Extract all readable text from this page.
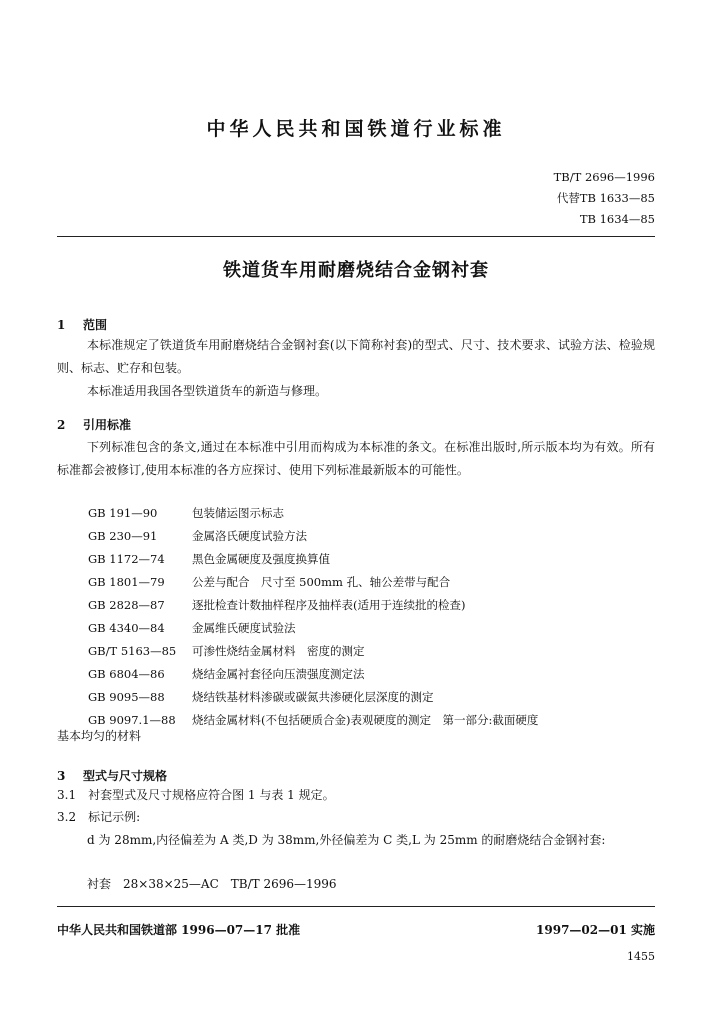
中华人民共和国铁道行业标准
TB/T 2696—1996
代替TB 1633—85
TB 1634—85
铁道货车用耐磨烧结合金钢衬套
1 范围
本标准规定了铁道货车用耐磨烧结合金钢衬套(以下简称衬套)的型式、尺寸、技术要求、试验方法、检验规则、标志、贮存和包装。
本标准适用我国各型铁道货车的新造与修理。
2 引用标准
下列标准包含的条文,通过在本标准中引用而构成为本标准的条文。在标准出版时,所示版本均为有效。所有标准都会被修订,使用本标准的各方应探讨、使用下列标准最新版本的可能性。
GB 191—90	包装储运图示标志
GB 230—91	金属洛氏硬度试验方法
GB 1172—74 黑色金属硬度及强度换算值
GB 1801—79 公差与配合　尺寸至 500mm 孔、轴公差带与配合
GB 2828—87 逐批检查计数抽样程序及抽样表(适用于连续批的检查)
GB 4340—84 金属维氏硬度试验法
GB/T 5163—85 可渗性烧结金属材料　密度的测定
GB 6804—86 烧结金属衬套径向压溃强度测定法
GB 9095—88 烧结铁基材料渗碳或碳氮共渗硬化层深度的测定
GB 9097.1—88 烧结金属材料(不包括硬质合金)表观硬度的测定　第一部分:截面硬度
基本均匀的材料
3 型式与尺寸规格
3.1　衬套型式及尺寸规格应符合图 1 与表 1 规定。
3.2　标记示例:
d 为 28mm,内径偏差为 A 类,D 为 38mm,外径偏差为 C 类,L 为 25mm 的耐磨烧结合金钢衬套:
衬套　28×38×25—AC　TB/T 2696—1996
中华人民共和国铁道部 1996—07—17 批准	1997—02—01 实施
1455
